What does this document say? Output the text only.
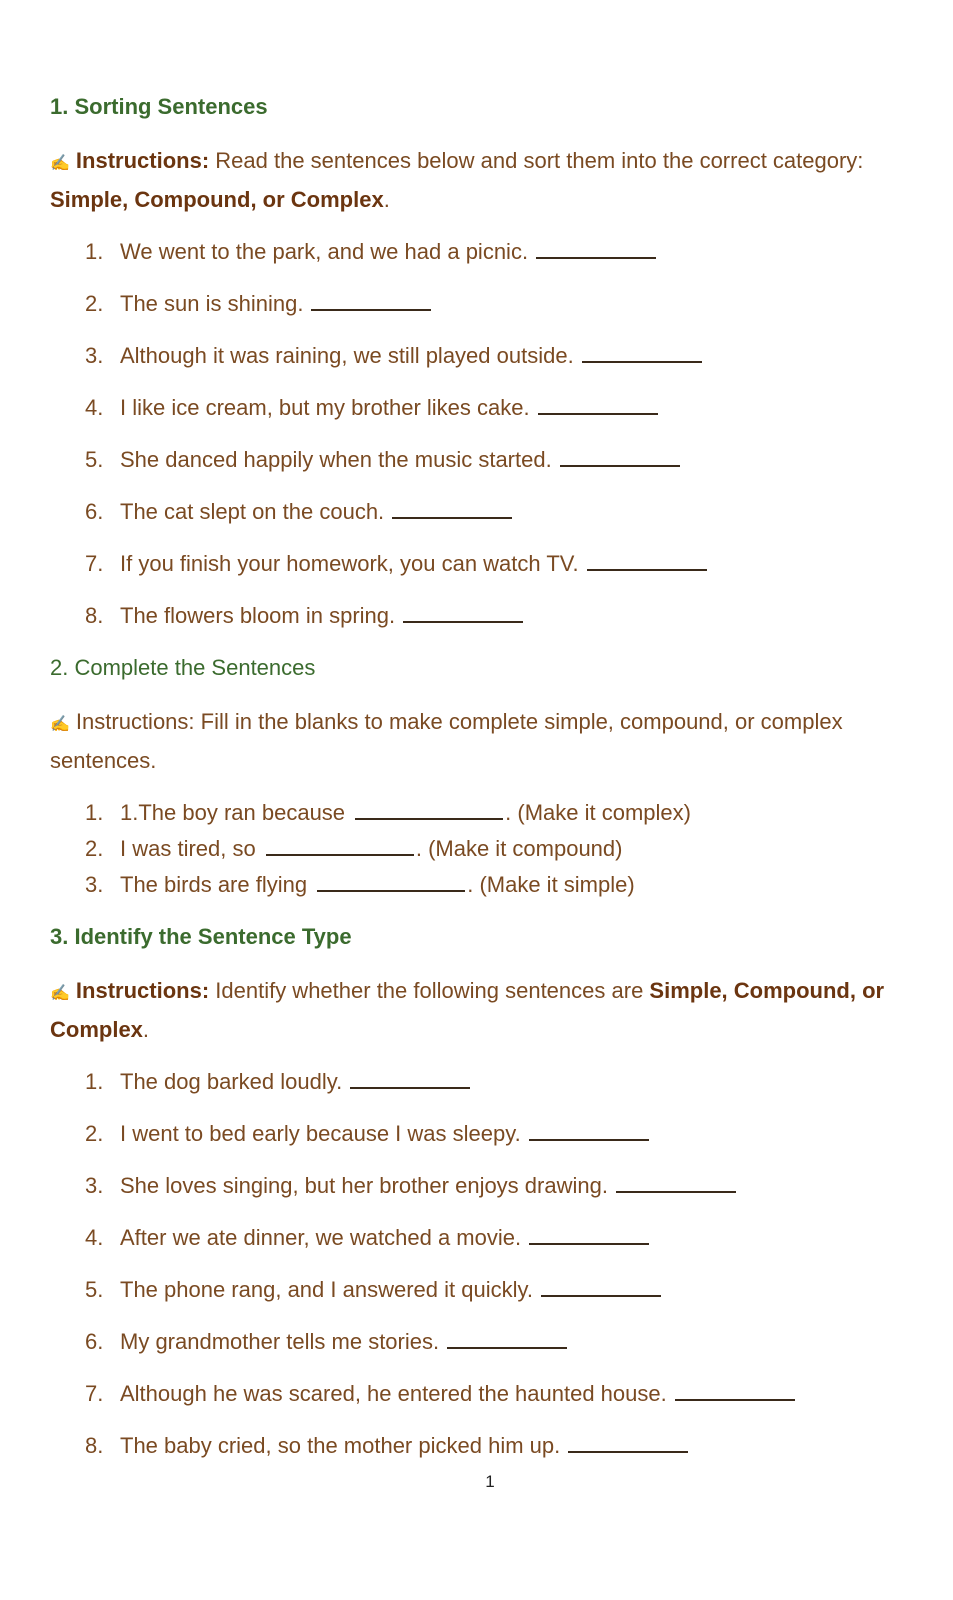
1. Sorting Sentences
✍ Instructions: Read the sentences below and sort them into the correct category: Simple, Compound, or Complex.
1. We went to the park, and we had a picnic.
2. The sun is shining.
3. Although it was raining, we still played outside.
4. I like ice cream, but my brother likes cake.
5. She danced happily when the music started.
6. The cat slept on the couch.
7. If you finish your homework, you can watch TV.
8. The flowers bloom in spring.
2. Complete the Sentences
✍ Instructions: Fill in the blanks to make complete simple, compound, or complex sentences.
1. 1.The boy ran because	. (Make it complex)
2. I was tired, so	. (Make it compound)
3. The birds are flying	. (Make it simple)
3. Identify the Sentence Type
✍ Instructions: Identify whether the following sentences are Simple, Compound, or Complex.
1. The dog barked loudly.
2. I went to bed early because I was sleepy.
3. She loves singing, but her brother enjoys drawing.
4. After we ate dinner, we watched a movie.
5. The phone rang, and I answered it quickly.
6. My grandmother tells me stories.
7. Although he was scared, he entered the haunted house.
8. The baby cried, so the mother picked him up.
1
